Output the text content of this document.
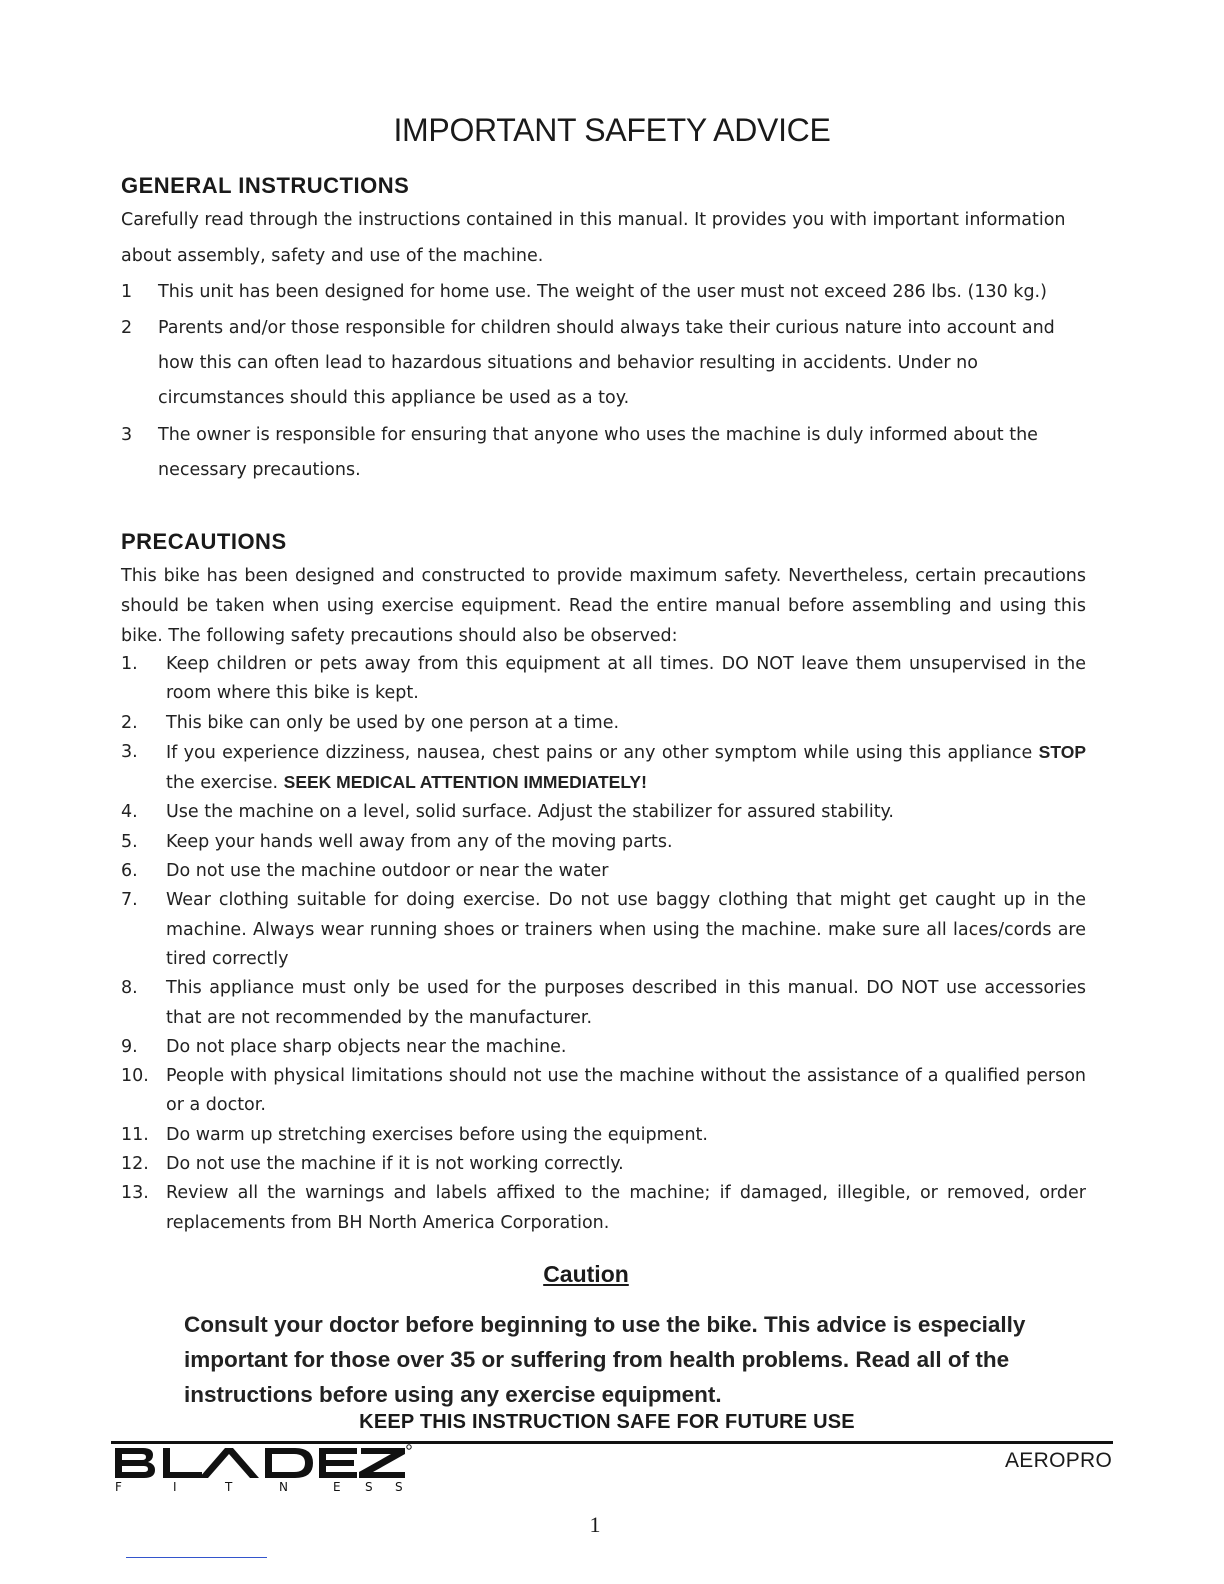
IMPORTANT SAFETY ADVICE
GENERAL INSTRUCTIONS
Carefully read through the instructions contained in this manual. It provides you with important information
about assembly, safety and use of the machine.
1 This unit has been designed for home use. The weight of the user must not exceed 286 lbs. (130 kg.)
2 Parents and/or those responsible for children should always take their curious nature into account and
how this can often lead to hazardous situations and behavior resulting in accidents. Under no
circumstances should this appliance be used as a toy.
3 The owner is responsible for ensuring that anyone who uses the machine is duly informed about the
necessary precautions.
PRECAUTIONS
This bike has been designed and constructed to provide maximum safety. Nevertheless, certain precautions should be taken when using exercise equipment. Read the entire manual before assembling and using this bike. The following safety precautions should also be observed:
1. Keep children or pets away from this equipment at all times. DO NOT leave them unsupervised in the room where this bike is kept.
2. This bike can only be used by one person at a time.
3. If you experience dizziness, nausea, chest pains or any other symptom while using this appliance STOP the exercise. SEEK MEDICAL ATTENTION IMMEDIATELY!
4. Use the machine on a level, solid surface. Adjust the stabilizer for assured stability.
5. Keep your hands well away from any of the moving parts.
6. Do not use the machine outdoor or near the water
7. Wear clothing suitable for doing exercise. Do not use baggy clothing that might get caught up in the machine. Always wear running shoes or trainers when using the machine. make sure all laces/cords are tired correctly
8. This appliance must only be used for the purposes described in this manual. DO NOT use accessories that are not recommended by the manufacturer.
9. Do not place sharp objects near the machine.
10. People with physical limitations should not use the machine without the assistance of a qualified person or a doctor.
11. Do warm up stretching exercises before using the equipment.
12. Do not use the machine if it is not working correctly.
13. Review all the warnings and labels affixed to the machine; if damaged, illegible, or removed, order replacements from BH North America Corporation.
Caution
Consult your doctor before beginning to use the bike. This advice is especially
important for those over 35 or suffering from health problems. Read all of the
instructions before using any exercise equipment.
KEEP THIS INSTRUCTION SAFE FOR FUTURE USE
F	I	T	N	E S S
AEROPRO
1
